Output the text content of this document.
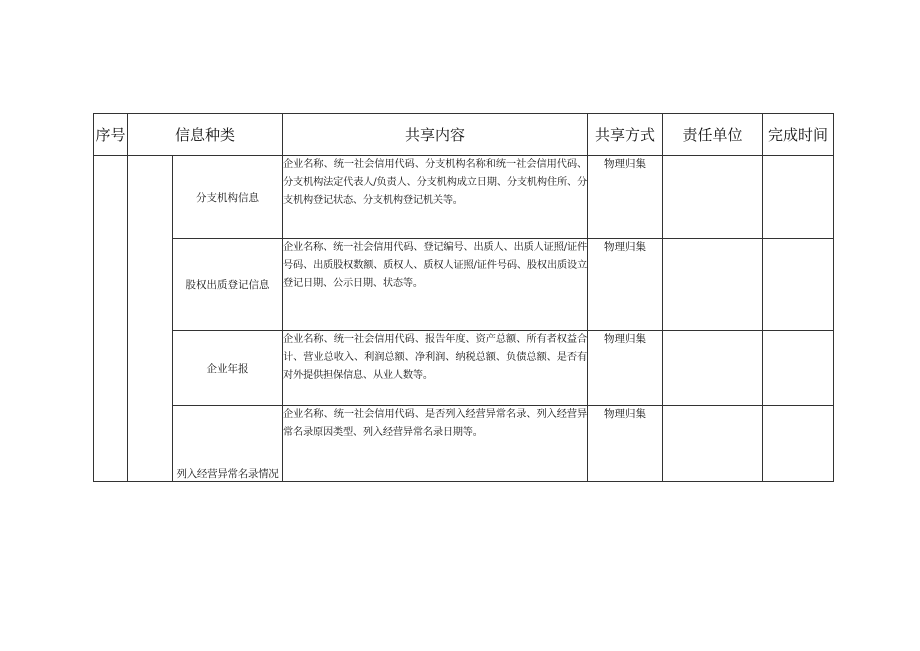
序号	信息种类		共享内容	共享方式	责任单位	完成时间
		分支机构信息	企业名称、统一社会信用代码、分支机构名称和统一社会信用代码、分支机构法定代表人/负责人、分支机构成立日期、分支机构住所、分支机构登记状态、分支机构登记机关等。	物理归集		
		股权出质登记信息	企业名称、统一社会信用代码、登记编号、出质人、出质人证照/证件号码、出质股权数额、质权人、质权人证照/证件号码、股权出质设立登记日期、公示日期、状态等。	物理归集		
		企业年报	企业名称、统一社会信用代码、报告年度、资产总额、所有者权益合计、营业总收入、利润总额、净利润、纳税总额、负债总额、是否有对外提供担保信息、从业人数等。	物理归集		
		列入经营异常名录情况	企业名称、统一社会信用代码、是否列入经营异常名录、列入经营异常名录原因类型、列入经营异常名录日期等。	物理归集		
